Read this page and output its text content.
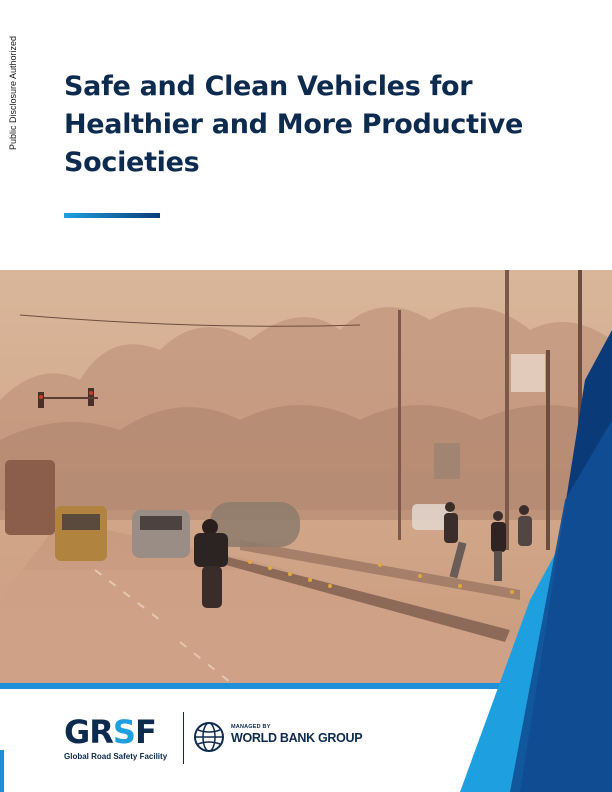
Public Disclosure Authorized Safe and Clean Vehicles for
Healthier and More Productive
Societies
GRSF
Global Road Safety Facility
MANAGED BY
WORLD BANK GROUP
